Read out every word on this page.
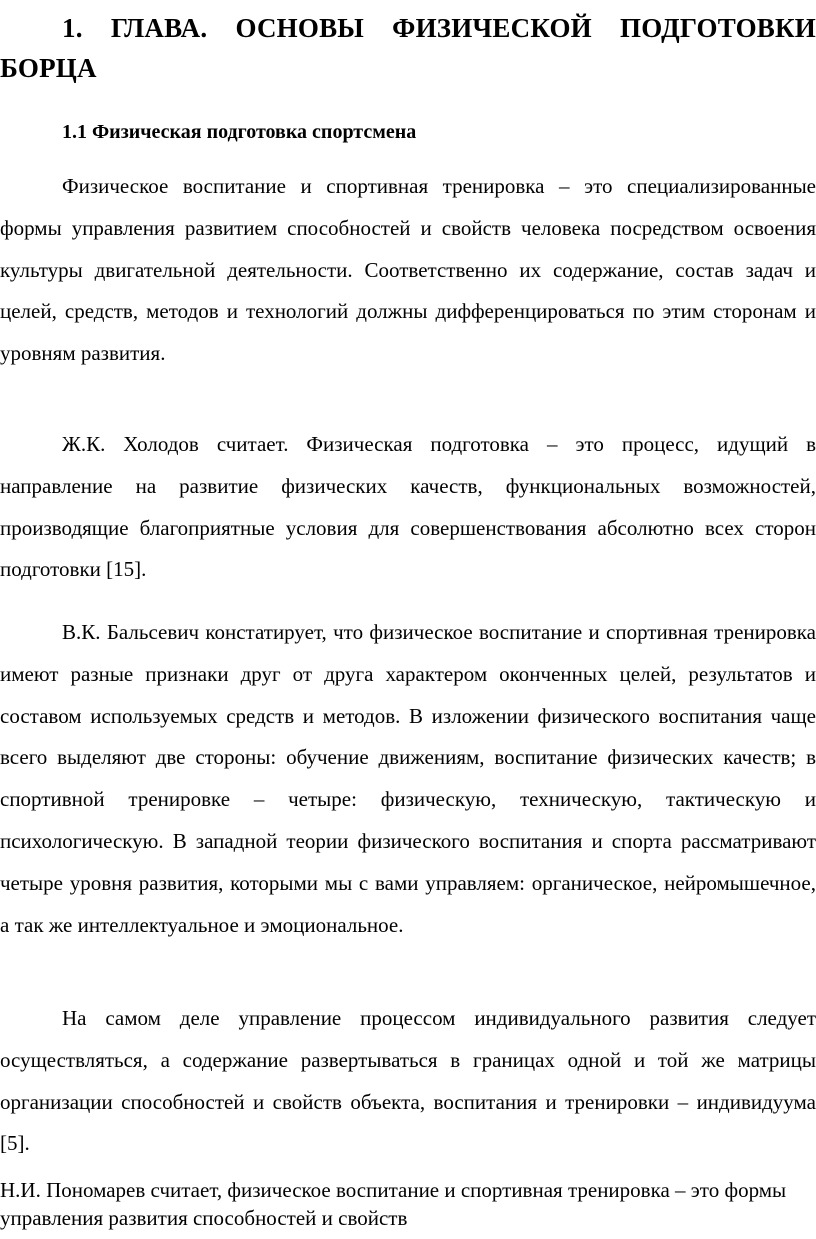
1. ГЛАВА. ОСНОВЫ ФИЗИЧЕСКОЙ ПОДГОТОВКИ БОРЦА
1.1 Физическая подготовка спортсмена

Физическое воспитание и спортивная тренировка – это специализированные формы управления развитием способностей и свойств человека посредством освоения культуры двигательной деятельности. Соответственно их содержание, состав задач и целей, средств, методов и технологий должны дифференцироваться по этим сторонам и уровням развития.

Ж.К. Холодов считает. Физическая подготовка – это процесс, идущий в направление на развитие физических качеств, функциональных возможностей, производящие благоприятные условия для совершенствования абсолютно всех сторон подготовки [15].

В.К. Бальсевич констатирует, что физическое воспитание и спортивная тренировка имеют разные признаки друг от друга характером оконченных целей, результатов и составом используемых средств и методов. В изложении физического воспитания чаще всего выделяют две стороны: обучение движениям, воспитание физических качеств; в спортивной тренировке – четыре: физическую, техническую, тактическую и психологическую. В западной теории физического воспитания и спорта рассматривают четыре уровня развития, которыми мы с вами управляем: органическое, нейромышечное, а так же интеллектуальное и эмоциональное.

На самом деле управление процессом индивидуального развития следует осуществляться, а содержание развертываться в границах одной и той же матрицы организации способностей и свойств объекта, воспитания и тренировки – индивидуума [5].

Н.И. Пономарев считает, физическое воспитание и спортивная тренировка – это формы управления развития способностей и свойств
